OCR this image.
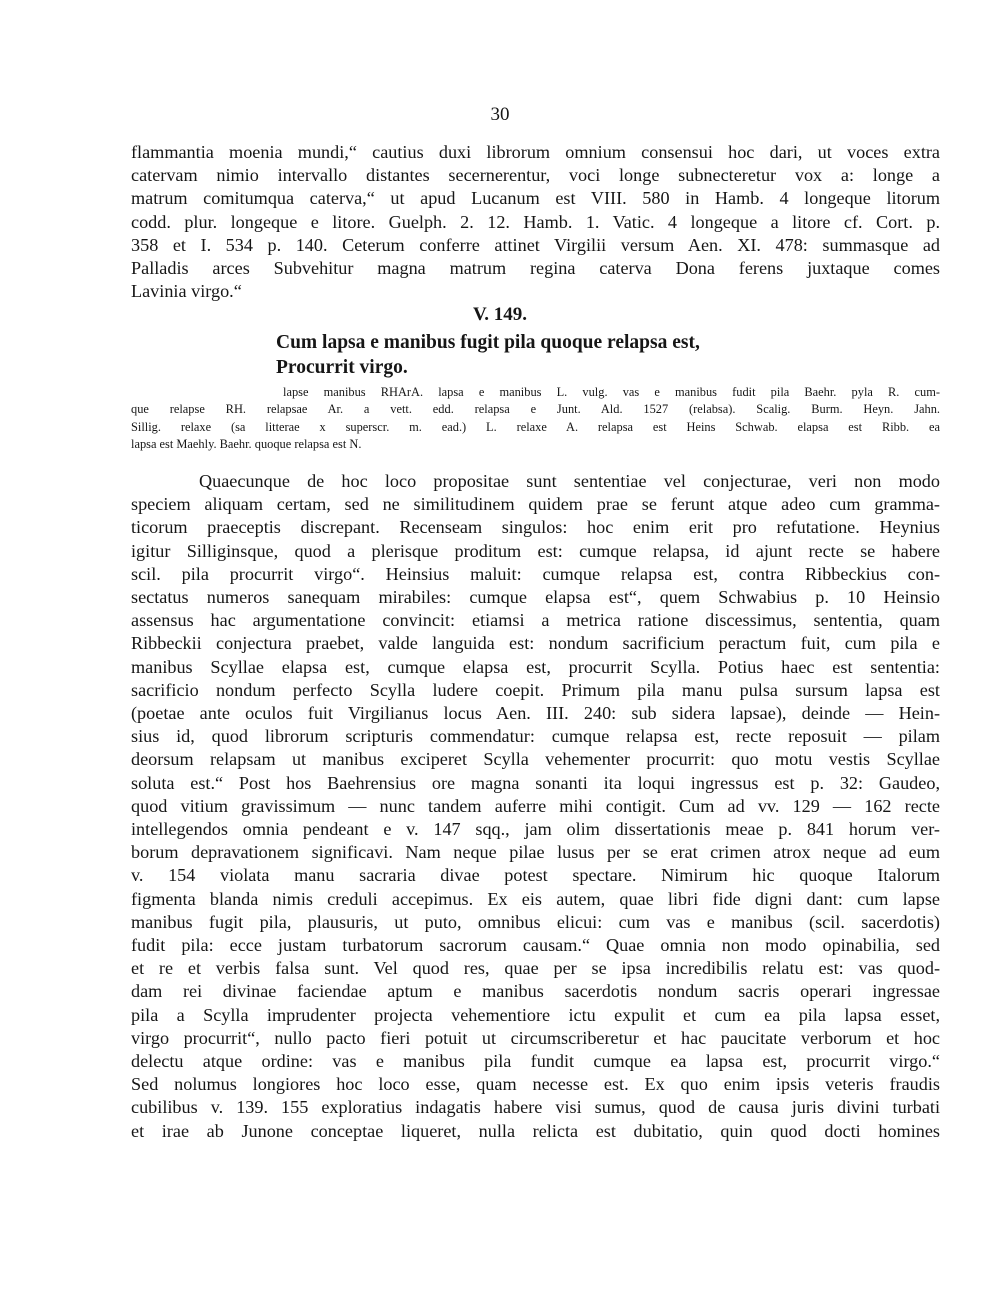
30
flammantia moenia mundi,“ cautius duxi librorum omnium consensui hoc dari, ut voces extra
catervam nimio intervallo distantes secernerentur, voci longe subnecteretur vox a: longe a
matrum comitumqua caterva,“ ut apud Lucanum est VIII. 580 in Hamb. 4 longeque litorum
codd. plur. longeque e litore. Guelph. 2. 12. Hamb. 1. Vatic. 4 longeque a litore cf. Cort. p.
358 et I. 534 p. 140. Ceterum conferre attinet Virgilii versum Aen. XI. 478: summasque ad
Palladis arces Subvehitur magna matrum regina caterva Dona ferens juxtaque comes
Lavinia virgo.“
V. 149.
Cum lapsa e manibus fugit pila quoque relapsa est,
Procurrit virgo.
lapse manibus RHArA. lapsa e manibus L. vulg. vas e manibus fudit pila Baehr. pyla R. cum-
que relapse RH. relapsae Ar. a vett. edd. relapsa e Junt. Ald. 1527 (relabsa). Scalig. Burm. Heyn. Jahn.
Sillig. relaxe (sa litterae x superscr. m. ead.) L. relaxe A. relapsa est Heins Schwab. elapsa est Ribb. ea
lapsa est Maehly. Baehr. quoque relapsa est N.
Quaecunque de hoc loco propositae sunt sententiae vel conjecturae, veri non modo
speciem aliquam certam, sed ne similitudinem quidem prae se ferunt atque adeo cum gramma-
ticorum praeceptis discrepant. Recenseam singulos: hoc enim erit pro refutatione. Heynius
igitur Silliginsque, quod a plerisque proditum est: cumque relapsa, id ajunt recte se habere
scil. pila procurrit virgo“. Heinsius maluit: cumque relapsa est, contra Ribbeckius con-
sectatus numeros sanequam mirabiles: cumque elapsa est“, quem Schwabius p. 10 Heinsio
assensus hac argumentatione convincit: etiamsi a metrica ratione discessimus, sententia, quam
Ribbeckii conjectura praebet, valde languida est: nondum sacrificium peractum fuit, cum pila e
manibus Scyllae elapsa est, cumque elapsa est, procurrit Scylla. Potius haec est sententia:
sacrificio nondum perfecto Scylla ludere coepit. Primum pila manu pulsa sursum lapsa est
(poetae ante oculos fuit Virgilianus locus Aen. III. 240: sub sidera lapsae), deinde — Hein-
sius id, quod librorum scripturis commendatur: cumque relapsa est, recte reposuit — pilam
deorsum relapsam ut manibus exciperet Scylla vehementer procurrit: quo motu vestis Scyllae
soluta est.“ Post hos Baehrensius ore magna sonanti ita loqui ingressus est p. 32: Gaudeo,
quod vitium gravissimum — nunc tandem auferre mihi contigit. Cum ad vv. 129 — 162 recte
intellegendos omnia pendeant e v. 147 sqq., jam olim dissertationis meae p. 841 horum ver-
borum depravationem significavi. Nam neque pilae lusus per se erat crimen atrox neque ad eum
v. 154 violata manu sacraria divae potest spectare. Nimirum hic quoque Italorum
figmenta blanda nimis creduli accepimus. Ex eis autem, quae libri fide digni dant: cum lapse
manibus fugit pila, plausuris, ut puto, omnibus elicui: cum vas e manibus (scil. sacerdotis)
fudit pila: ecce justam turbatorum sacrorum causam.“ Quae omnia non modo opinabilia, sed
et re et verbis falsa sunt. Vel quod res, quae per se ipsa incredibilis relatu est: vas quod-
dam rei divinae faciendae aptum e manibus sacerdotis nondum sacris operari ingressae
pila a Scylla imprudenter projecta vehementiore ictu expulit et cum ea pila lapsa esset,
virgo procurrit“, nullo pacto fieri potuit ut circumscriberetur et hac paucitate verborum et hoc
delectu atque ordine: vas e manibus pila fundit cumque ea lapsa est, procurrit virgo.“
Sed nolumus longiores hoc loco esse, quam necesse est. Ex quo enim ipsis veteris fraudis
cubilibus v. 139. 155 exploratius indagatis habere visi sumus, quod de causa juris divini turbati
et irae ab Junone conceptae liqueret, nulla relicta est dubitatio, quin quod docti homines
